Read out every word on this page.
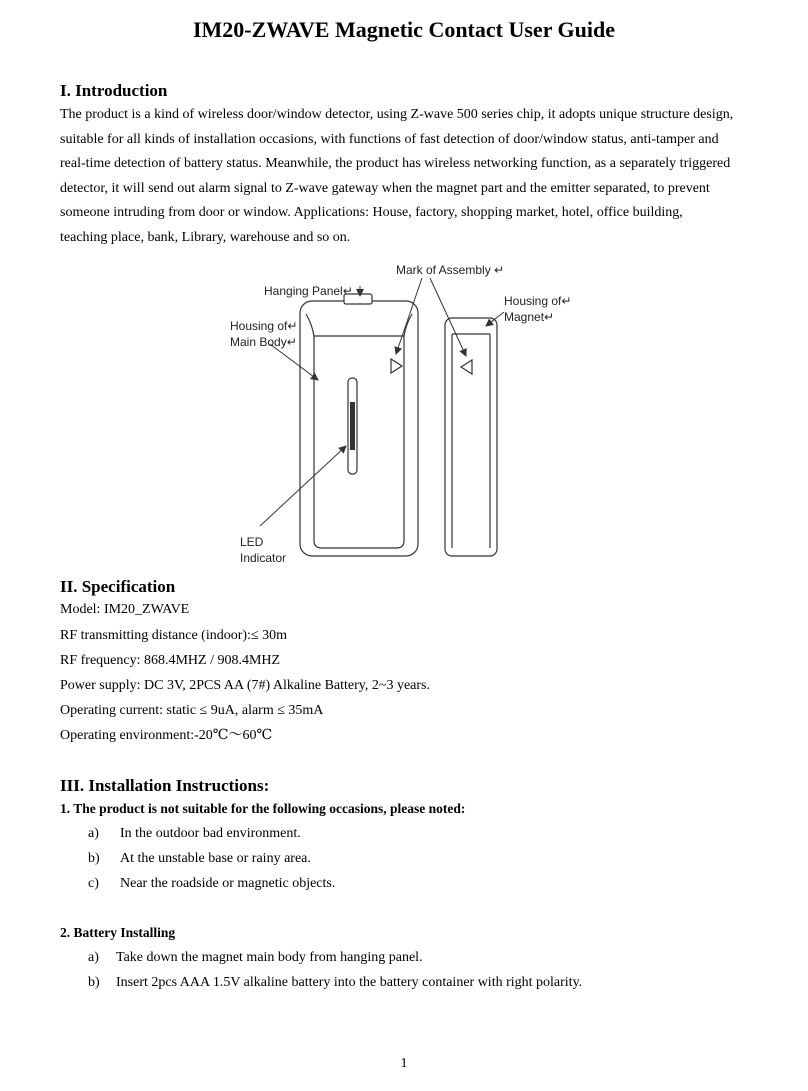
IM20-ZWAVE Magnetic Contact User Guide
I. Introduction
The product is a kind of wireless door/window detector, using Z-wave 500 series chip, it adopts unique structure design,
suitable for all kinds of installation occasions, with functions of fast detection of door/window status, anti-tamper and
real-time detection of battery status. Meanwhile, the product has wireless networking function, as a separately triggered
detector, it will send out alarm signal to Z-wave gateway when the magnet part and the emitter separated, to prevent
someone intruding from door or window. Applications: House, factory, shopping market, hotel, office building,
teaching place, bank, Library, warehouse and so on.
Mark of Assembly ↵
Hanging Panel↵
Housing of↵
Main Body↵
Housing of↵
Magnet↵
LED
Indicator
II. Specification
Model: IM20_ZWAVE
RF transmitting distance (indoor):≤ 30m
RF frequency: 868.4MHZ / 908.4MHZ
Power supply: DC 3V, 2PCS AA (7#) Alkaline Battery, 2~3 years.
Operating current: static ≤ 9uA, alarm ≤ 35mA
Operating environment:-20℃～60℃
III. Installation Instructions:
1. The product is not suitable for the following occasions, please noted:
a) In the outdoor bad environment.
b) At the unstable base or rainy area.
c) Near the roadside or magnetic objects.
2. Battery Installing
a) Take down the magnet main body from hanging panel.
b) Insert 2pcs AAA 1.5V alkaline battery into the battery container with right polarity.
1
